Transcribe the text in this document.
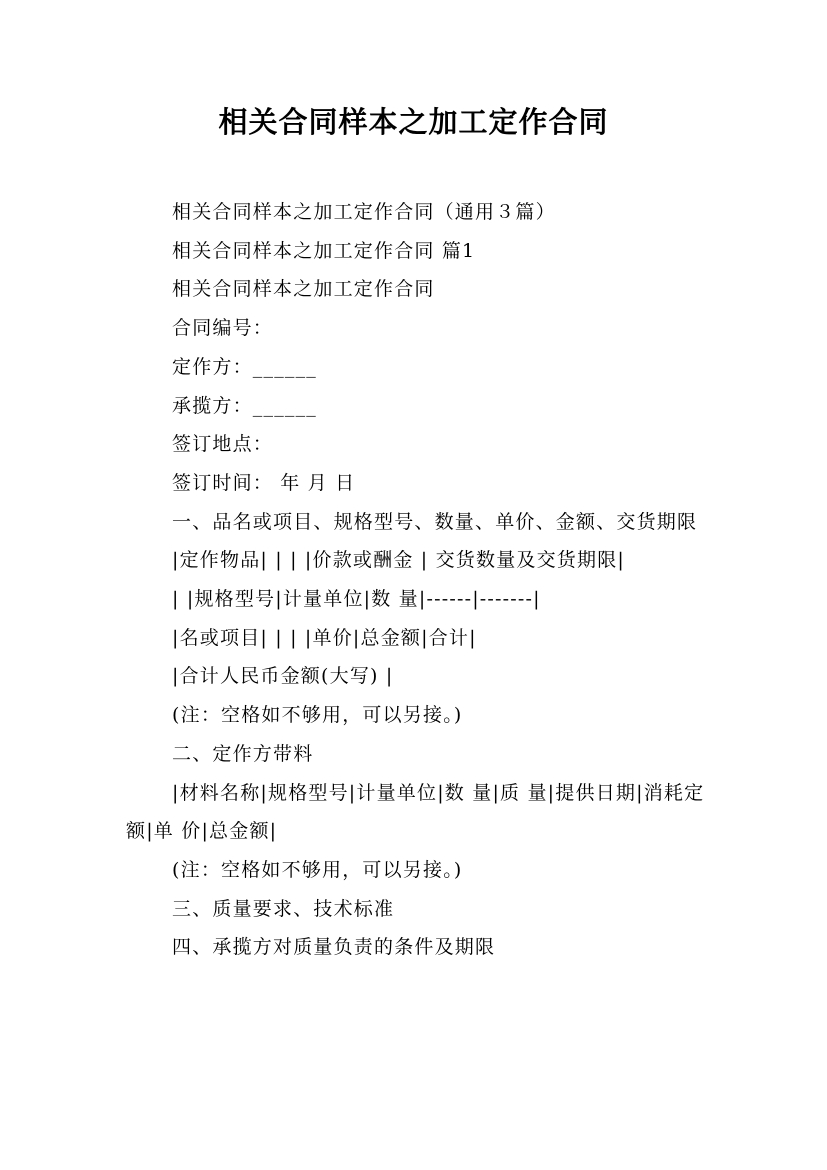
相关合同样本之加工定作合同

相关合同样本之加工定作合同（通用３篇）

相关合同样本之加工定作合同 篇1

相关合同样本之加工定作合同

合同编号：

定作方：______

承揽方：______

签订地点：

签订时间： 年 月 日

一、品名或项目、规格型号、数量、单价、金额、交货期限

|定作物品| | | |价款或酬金 | 交货数量及交货期限|

| |规格型号|计量单位|数 量|------|-------|

|名或项目| | | |单价|总金额|合计|

|合计人民币金额(大写) |

(注：空格如不够用，可以另接。)

二、定作方带料

|材料名称|规格型号|计量单位|数 量|质 量|提供日期|消耗定额|单 价|总金额|

(注：空格如不够用，可以另接。)

三、质量要求、技术标准

四、承揽方对质量负责的条件及期限
